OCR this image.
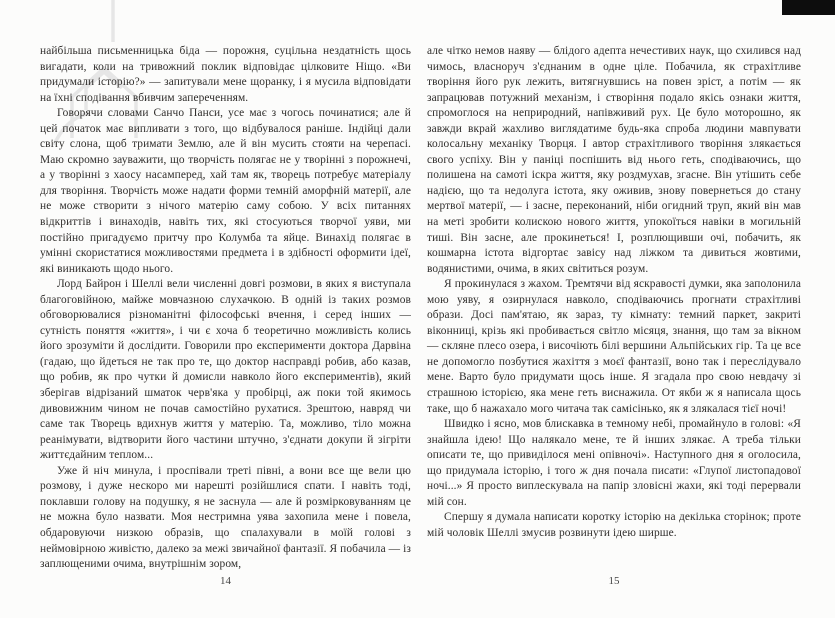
найбільша письменницька біда — порожня, суцільна нездатність щось вигадати, коли на тривожний поклик відповідає цілковите Ніщо. «Ви придумали історію?» — запитували мене щоранку, і я мусила відповідати на їхні сподівання вбивчим запереченням.

Говорячи словами Санчо Панси, усе має з чогось починатися; але й цей початок має випливати з того, що відбувалося раніше. Індійці дали світу слона, щоб тримати Землю, але й він мусить стояти на черепасі. Маю скромно зауважити, що творчість полягає не у творінні з порожнечі, а у творінні з хаосу насамперед, хай там як, творець потребує матеріалу для творіння. Творчість може надати форми темній аморфній матерії, але не може створити з нічого матерію саму собою. У всіх питаннях відкриттів і винаходів, навіть тих, які стосуються творчої уяви, ми постійно пригадуємо притчу про Колумба та яйце. Винахід полягає в умінні скористатися можливостями предмета і в здібності оформити ідеї, які виникають щодо нього.

Лорд Байрон і Шеллі вели численні довгі розмови, в яких я виступала благоговійною, майже мовчазною слухачкою. В одній із таких розмов обговорювалися різноманітні філософські вчення, і серед інших — сутність поняття «життя», і чи є хоча б теоретично можливість колись його зрозуміти й дослідити. Говорили про експерименти доктора Дарвіна (гадаю, що йдеться не так про те, що доктор насправді робив, або казав, що робив, як про чутки й домисли навколо його експериментів), який зберігав відрізаний шматок черв'яка у пробірці, аж поки той якимось дивовижним чином не почав самостійно рухатися. Зрештою, навряд чи саме так Творець вдихнув життя у матерію. Та, можливо, тіло можна реанімувати, відтворити його частини штучно, з'єднати докупи й зігріти життєдайним теплом...

Уже й ніч минула, і проспівали треті півні, а вони все ще вели цю розмову, і дуже нескоро ми нарешті розійшлися спати. І навіть тоді, поклавши голову на подушку, я не заснула — але й розмірковуванням це не можна було назвати. Моя нестримна уява захопила мене і повела, обдаровуючи низкою образів, що спалахували в моїй голові з неймовірною живістю, далеко за межі звичайної фантазії. Я побачила — із заплющеними очима, внутрішнім зором,

але чітко немов наяву — блідого адепта нечестивих наук, що схилився над чимось, власноруч з'єднаним в одне ціле. Побачила, як страхітливе творіння його рук лежить, витягнувшись на повен зріст, а потім — як запрацював потужний механізм, і створіння подало якісь ознаки життя, спромоглося на неприродний, напівживий рух. Це було моторошно, як завжди вкрай жахливо виглядатиме будь-яка спроба людини мавпувати колосальну механіку Творця. І автор страхітливого творіння злякається свого успіху. Він у паніці поспішить від нього геть, сподіваючись, що полишена на самоті іскра життя, яку роздмухав, згасне. Він утішить себе надією, що та недолуга істота, яку оживив, знову повернеться до стану мертвої матерії, — і засне, переконаний, ніби огидний труп, який він мав на меті зробити колискою нового життя, упокоїться навіки в могильній тиші. Він засне, але прокинеться! І, розплющивши очі, побачить, як кошмарна істота відгортає завісу над ліжком та дивиться жовтими, водянистими, очима, в яких світиться розум.

Я прокинулася з жахом. Тремтячи від яскравості думки, яка заполонила мою уяву, я озирнулася навколо, сподіваючись прогнати страхітливі образи. Досі пам'ятаю, як зараз, ту кімнату: темний паркет, закриті віконниці, крізь які пробивається світло місяця, знання, що там за вікном — скляне плесо озера, і височіють білі вершини Альпійських гір. Та це все не допомогло позбутися жахіття з моєї фантазії, воно так і переслідувало мене. Варто було придумати щось інше. Я згадала про свою невдачу зі страшною історією, яка мене геть виснажила. От якби ж я написала щось таке, що б нажахало мого читача так самісінько, як я злякалася тієї ночі!

Швидко і ясно, мов блискавка в темному небі, промайнуло в голові: «Я знайшла ідею! Що налякало мене, те й інших злякає. А треба тільки описати те, що привиділося мені опівночі». Наступного дня я оголосила, що придумала історію, і того ж дня почала писати: «Глупої листопадової ночі...» Я просто виплескувала на папір зловісні жахи, які тоді перервали мій сон.

Спершу я думала написати коротку історію на декілька сторінок; проте мій чоловік Шеллі змусив розвинути ідею ширше.

14	15
